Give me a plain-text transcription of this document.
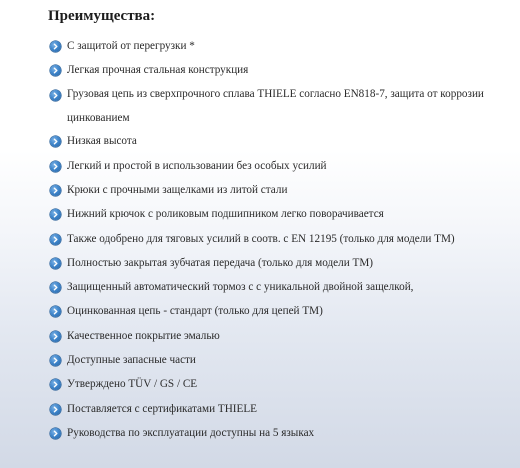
Преимущества:
С защитой от перегрузки *
Легкая прочная стальная конструкция
Грузовая цепь из сверхпрочного сплава THIELE согласно EN818-7, защита от коррозии цинкованием
Низкая высота
Легкий и простой в использовании без особых усилий
Крюки с прочными защелками из литой стали
Нижний крючок с роликовым подшипником легко поворачивается
Также одобрено для тяговых усилий в соотв. с EN 12195 (только для модели TM)
Полностью закрытая зубчатая передача (только для модели TM)
Защищенный автоматический тормоз с с уникальной двойной защелкой,
Оцинкованная цепь - стандарт (только для цепей TM)
Качественное покрытие эмалью
Доступные запасные части
Утверждено TÜV / GS / CE
Поставляется с сертификатами THIELE
Руководства по эксплуатации доступны на 5 языках
